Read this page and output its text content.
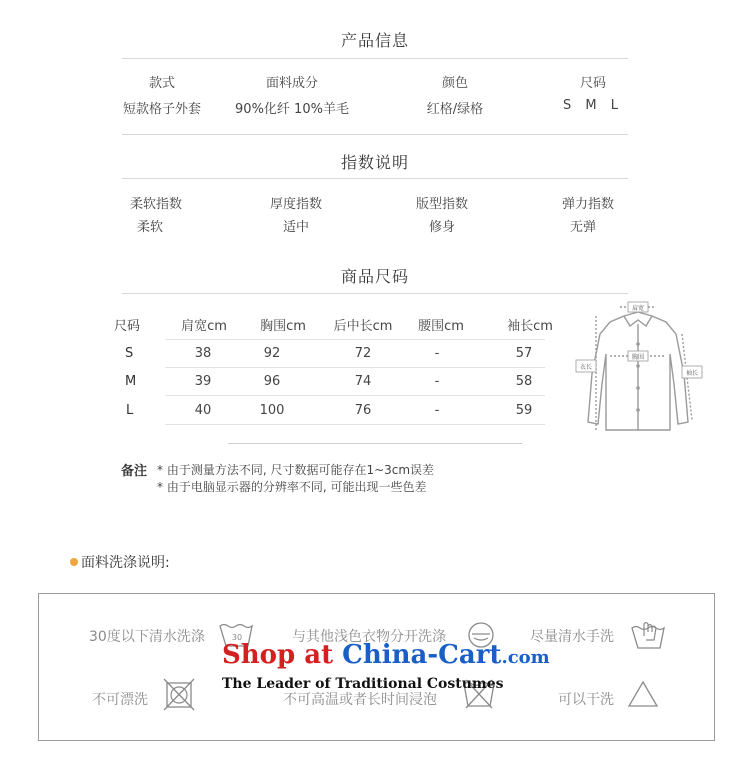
产品信息
款式	面料成分	颜色	尺码
短款格子外套	90%化纤 10%羊毛	红格/绿格	S M L
指数说明
柔软指数	厚度指数	版型指数	弹力指数
柔软	适中	修身	无弹
商品尺码
尺码	肩宽cm	胸围cm	后中长cm	腰围cm	袖长cm
S	38	92	72	-	57
M	39	96	74	-	58
L	40	100	76	-	59
肩宽
胸围
衣长
袖长
备注 * 由于测量方法不同, 尺寸数据可能存在1~3cm误差
* 由于电脑显示器的分辨率不同, 可能出现一些色差
面料洗涤说明:
30度以下清水洗涤	30	与其他浅色衣物分开洗涤	尽量清水手洗
不可漂洗	不可高温或者长时间浸泡	可以干洗
Shop at China-Cart.com
The Leader of Traditional Costumes
